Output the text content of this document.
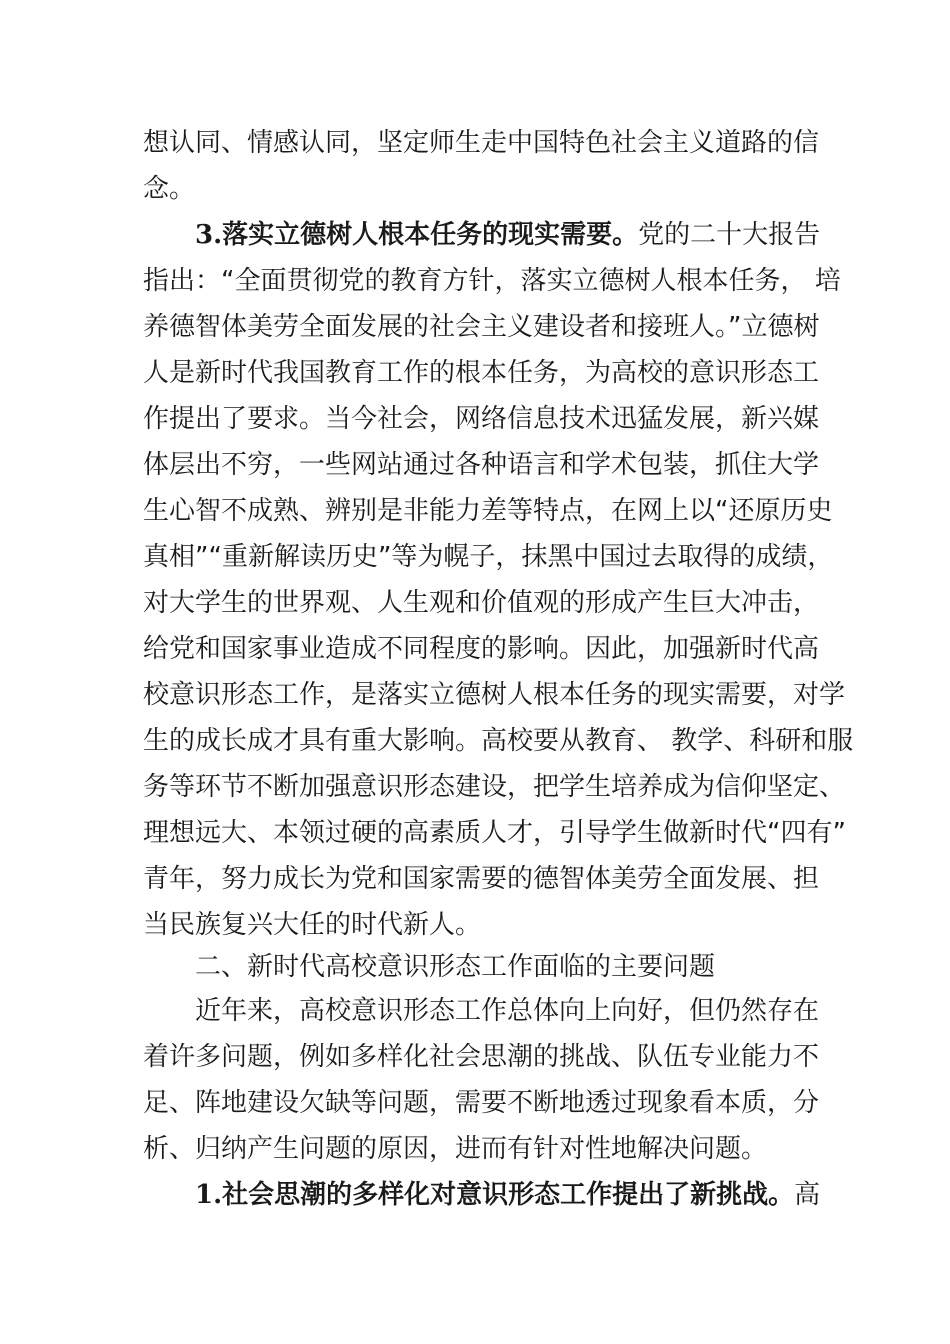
想认同、情感认同，坚定师生走中国特色社会主义道路的信
念。
3.落实立德树人根本任务的现实需要。党的二十大报告
指出：“全面贯彻党的教育方针，落实立德树人根本任务， 培
养德智体美劳全面发展的社会主义建设者和接班人。”立德树
人是新时代我国教育工作的根本任务，为高校的意识形态工
作提出了要求。当今社会，网络信息技术迅猛发展，新兴媒
体层出不穷，一些网站通过各种语言和学术包装，抓住大学
生心智不成熟、辨别是非能力差等特点，在网上以“还原历史
真相”“重新解读历史”等为幌子，抹黑中国过去取得的成绩，
对大学生的世界观、人生观和价值观的形成产生巨大冲击，
给党和国家事业造成不同程度的影响。因此，加强新时代高
校意识形态工作，是落实立德树人根本任务的现实需要，对学
生的成长成才具有重大影响。高校要从教育、 教学、科研和服
务等环节不断加强意识形态建设，把学生培养成为信仰坚定、
理想远大、本领过硬的高素质人才，引导学生做新时代“四有”
青年，努力成长为党和国家需要的德智体美劳全面发展、担
当民族复兴大任的时代新人。
二、新时代高校意识形态工作面临的主要问题
近年来，高校意识形态工作总体向上向好，但仍然存在
着许多问题，例如多样化社会思潮的挑战、队伍专业能力不
足、阵地建设欠缺等问题，需要不断地透过现象看本质，分
析、归纳产生问题的原因，进而有针对性地解决问题。
1.社会思潮的多样化对意识形态工作提出了新挑战。高
